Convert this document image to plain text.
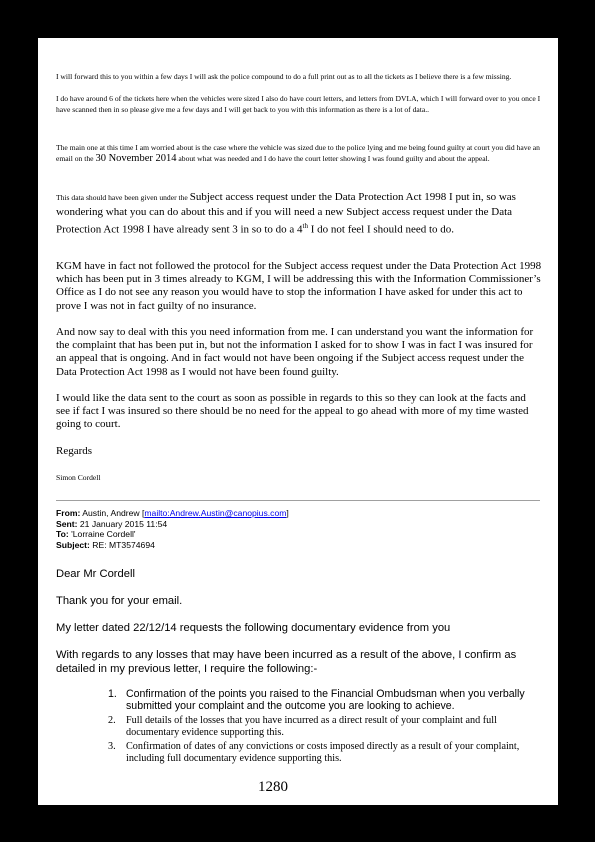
I will forward this to you within a few days I will ask the police compound to do a full print out as to all the tickets as I believe there is a few missing.
I do have around 6 of the tickets here when the vehicles were sized I also do have court letters, and letters from DVLA, which I will forward over to you once I have scanned then in so please give me a few days and I will get back to you with this information as there is a lot of data..
The main one at this time I am worried about is the case where the vehicle was sized due to the police lying and me being found guilty at court you did have an email on the 30 November 2014 about what was needed and I do have the court letter showing I was found guilty and about the appeal.
This data should have been given under the Subject access request under the Data Protection Act 1998 I put in, so was wondering what you can do about this and if you will need a new Subject access request under the Data Protection Act 1998 I have already sent 3 in so to do a 4th I do not feel I should need to do.
KGM have in fact not followed the protocol for the Subject access request under the Data Protection Act 1998 which has been put in 3 times already to KGM, I will be addressing this with the Information Commissioner’s Office as I do not see any reason you would have to stop the information I have asked for under this act to prove I was not in fact guilty of no insurance.
And now say to deal with this you need information from me. I can understand you want the information for the complaint that has been put in, but not the information I asked for to show I was in fact I was insured for an appeal that is ongoing. And in fact would not have been ongoing if the Subject access request under the Data Protection Act 1998 as I would not have been found guilty.
I would like the data sent to the court as soon as possible in regards to this so they can look at the facts and see if fact I was insured so there should be no need for the appeal to go ahead with more of my time wasted going to court.
Regards
Simon Cordell
From: Austin, Andrew [mailto:Andrew.Austin@canopius.com]
Sent: 21 January 2015 11:54
To: 'Lorraine Cordell'
Subject: RE: MT3574694
Dear Mr Cordell
Thank you for your email.
My letter dated 22/12/14 requests the following documentary evidence from you
With regards to any losses that may have been incurred as a result of the above, I confirm as detailed in my previous letter, I require the following:-
1. Confirmation of the points you raised to the Financial Ombudsman when you verbally submitted your complaint and the outcome you are looking to achieve.
2. Full details of the losses that you have incurred as a direct result of your complaint and full documentary evidence supporting this.
3. Confirmation of dates of any convictions or costs imposed directly as a result of your complaint, including full documentary evidence supporting this.
1280
